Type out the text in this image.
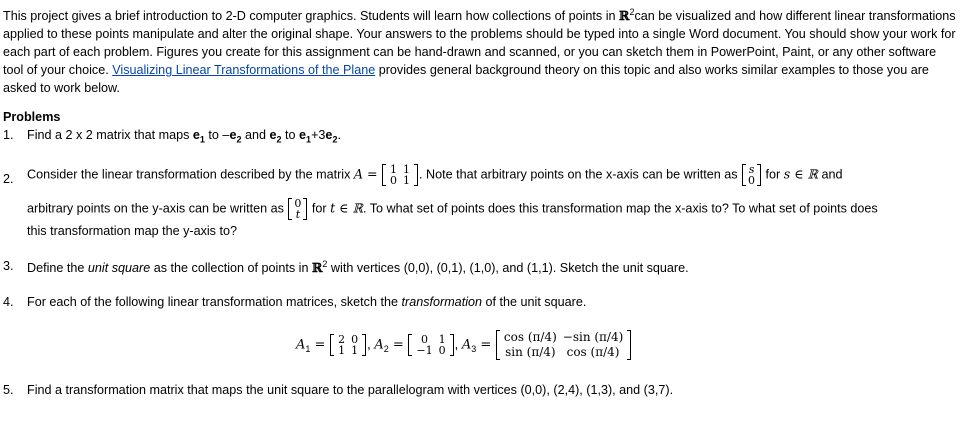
This project gives a brief introduction to 2-D computer graphics. Students will learn how collections of points in ℝ$^2$can be visualized and how different linear transformations applied to these points manipulate and alter the original shape. Your answers to the problems should be typed into a single Word document. You should show your work for each part of each problem. Figures you create for this assignment can be hand-drawn and scanned, or you can sketch them in PowerPoint, Paint, or any other software tool of your choice. Visualizing Linear Transformations of the Plane provides general background theory on this topic and also works similar examples to those you are asked to work below.
Problems
1. Find a 2 x 2 matrix that maps $e_1$ to $-e_2$ and $e_2$ to $e_1+3e_2$.
2. Consider the linear transformation described by the matrix A = 1	1
0	1 . Note that arbitrary points on the x-axis can be written as s
0 for s ∈ ℝ and
arbitrary points on the y-axis can be written as 0
t for t ∈ ℝ. To what set of points does this transformation map the x-axis to? To what set of points does
this transformation map the y-axis to?
3. Define the unit square as the collection of points in ℝ$^2$ with vertices (0,0), (0,1), (1,0), and (1,1). Sketch the unit square.
4. For each of the following linear transformation matrices, sketch the transformation of the unit square.
$A_1 = 2$	0
1	1 , $A_2 = 0$	1
−1	0 , $A_3$ =
cos (π/4)	−sin (π/4)
sin (π/4)	cos (π/4)
5. Find a transformation matrix that maps the unit square to the parallelogram with vertices (0,0), (2,4), (1,3), and (3,7).
